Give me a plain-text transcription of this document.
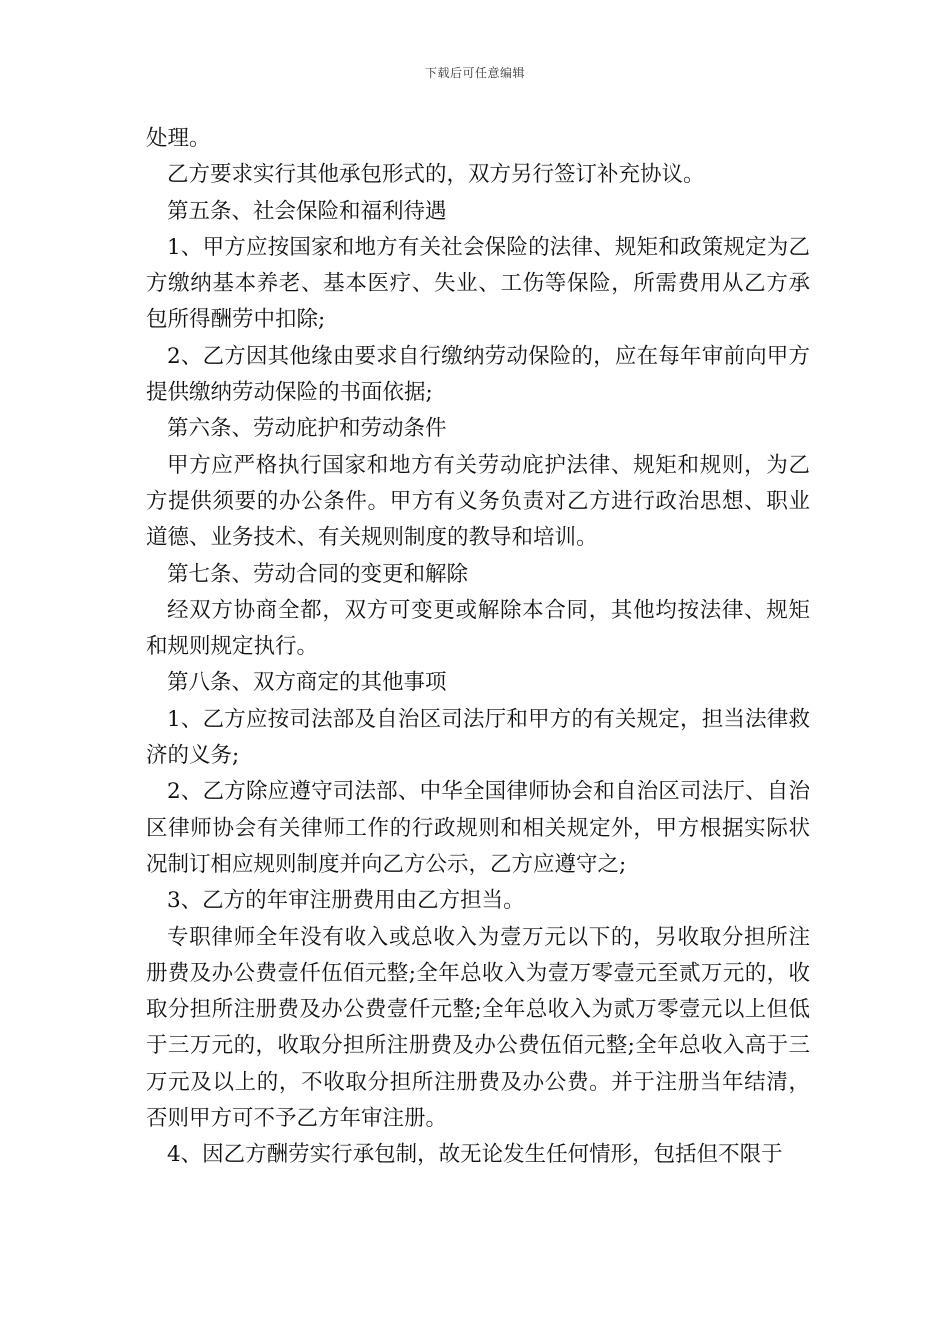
下载后可任意编辑

处理。

乙方要求实行其他承包形式的，双方另行签订补充协议。

第五条、社会保险和福利待遇

1、甲方应按国家和地方有关社会保险的法律、规矩和政策规定为乙方缴纳基本养老、基本医疗、失业、工伤等保险，所需费用从乙方承包所得酬劳中扣除;

2、乙方因其他缘由要求自行缴纳劳动保险的，应在每年审前向甲方提供缴纳劳动保险的书面依据;

第六条、劳动庇护和劳动条件

甲方应严格执行国家和地方有关劳动庇护法律、规矩和规则，为乙方提供须要的办公条件。甲方有义务负责对乙方进行政治思想、职业道德、业务技术、有关规则制度的教导和培训。

第七条、劳动合同的变更和解除

经双方协商全都，双方可变更或解除本合同，其他均按法律、规矩和规则规定执行。

第八条、双方商定的其他事项

1、乙方应按司法部及自治区司法厅和甲方的有关规定，担当法律救济的义务;

2、乙方除应遵守司法部、中华全国律师协会和自治区司法厅、自治区律师协会有关律师工作的行政规则和相关规定外，甲方根据实际状况制订相应规则制度并向乙方公示，乙方应遵守之;

3、乙方的年审注册费用由乙方担当。

专职律师全年没有收入或总收入为壹万元以下的，另收取分担所注册费及办公费壹仟伍佰元整;全年总收入为壹万零壹元至贰万元的，收取分担所注册费及办公费壹仟元整;全年总收入为贰万零壹元以上但低于三万元的，收取分担所注册费及办公费伍佰元整;全年总收入高于三万元及以上的，不收取分担所注册费及办公费。并于注册当年结清，否则甲方可不予乙方年审注册。

4、因乙方酬劳实行承包制，故无论发生任何情形，包括但不限于
